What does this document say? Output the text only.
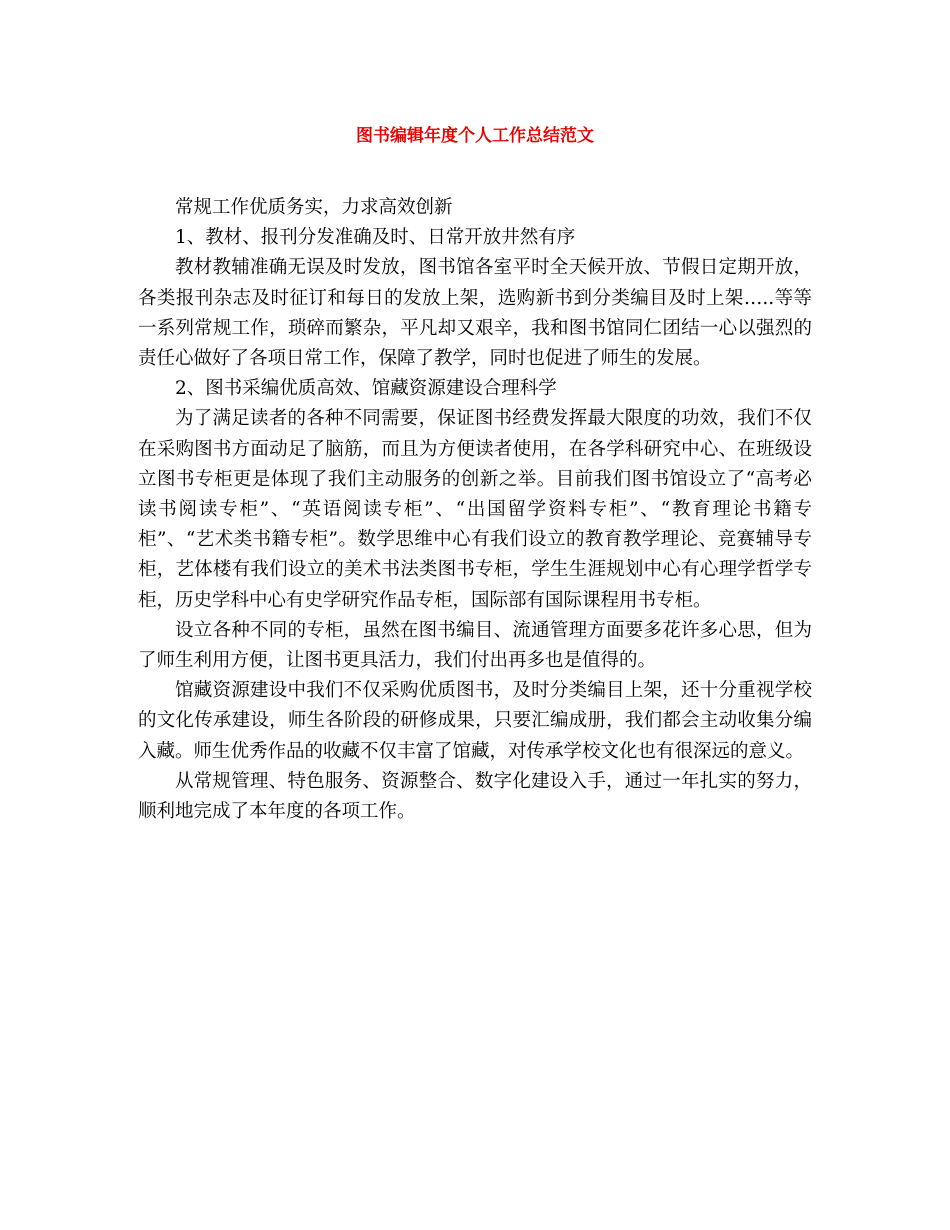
图书编辑年度个人工作总结范文

常规工作优质务实，力求高效创新

1、教材、报刊分发准确及时、日常开放井然有序

教材教辅准确无误及时发放，图书馆各室平时全天候开放、节假日定期开放，各类报刊杂志及时征订和每日的发放上架，选购新书到分类编目及时上架…..等等一系列常规工作，琐碎而繁杂，平凡却又艰辛，我和图书馆同仁团结一心以强烈的责任心做好了各项日常工作，保障了教学，同时也促进了师生的发展。

2、图书采编优质高效、馆藏资源建设合理科学

为了满足读者的各种不同需要，保证图书经费发挥最大限度的功效，我们不仅在采购图书方面动足了脑筋，而且为方便读者使用，在各学科研究中心、在班级设立图书专柜更是体现了我们主动服务的创新之举。目前我们图书馆设立了“高考必读书阅读专柜”、“英语阅读专柜”、“出国留学资料专柜”、“教育理论书籍专柜”、“艺术类书籍专柜”。数学思维中心有我们设立的教育教学理论、竞赛辅导专柜，艺体楼有我们设立的美术书法类图书专柜，学生生涯规划中心有心理学哲学专柜，历史学科中心有史学研究作品专柜，国际部有国际课程用书专柜。

设立各种不同的专柜，虽然在图书编目、流通管理方面要多花许多心思，但为了师生利用方便，让图书更具活力，我们付出再多也是值得的。

馆藏资源建设中我们不仅采购优质图书，及时分类编目上架，还十分重视学校的文化传承建设，师生各阶段的研修成果，只要汇编成册，我们都会主动收集分编入藏。师生优秀作品的收藏不仅丰富了馆藏，对传承学校文化也有很深远的意义。

从常规管理、特色服务、资源整合、数字化建设入手，通过一年扎实的努力，顺利地完成了本年度的各项工作。
